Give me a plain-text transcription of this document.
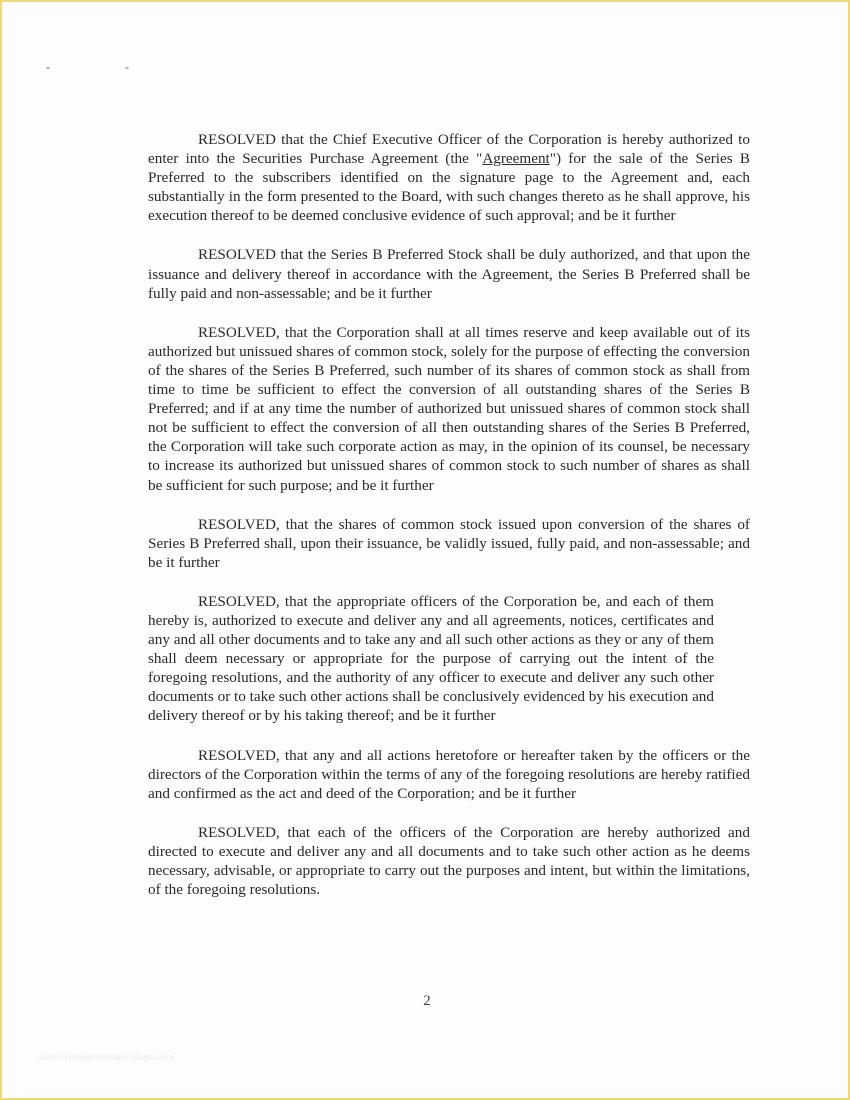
- -

RESOLVED that the Chief Executive Officer of the Corporation is hereby authorized to enter into the Securities Purchase Agreement (the "Agreement") for the sale of the Series B Preferred to the subscribers identified on the signature page to the Agreement and, each substantially in the form presented to the Board, with such changes thereto as he shall approve, his execution thereof to be deemed conclusive evidence of such approval; and be it further

RESOLVED that the Series B Preferred Stock shall be duly authorized, and that upon the issuance and delivery thereof in accordance with the Agreement, the Series B Preferred shall be fully paid and non-assessable; and be it further

RESOLVED, that the Corporation shall at all times reserve and keep available out of its authorized but unissued shares of common stock, solely for the purpose of effecting the conversion of the shares of the Series B Preferred, such number of its shares of common stock as shall from time to time be sufficient to effect the conversion of all outstanding shares of the Series B Preferred; and if at any time the number of authorized but unissued shares of common stock shall not be sufficient to effect the conversion of all then outstanding shares of the Series B Preferred, the Corporation will take such corporate action as may, in the opinion of its counsel, be necessary to increase its authorized but unissued shares of common stock to such number of shares as shall be sufficient for such purpose; and be it further

RESOLVED, that the shares of common stock issued upon conversion of the shares of Series B Preferred shall, upon their issuance, be validly issued, fully paid, and non-assessable; and be it further

RESOLVED, that the appropriate officers of the Corporation be, and each of them hereby is, authorized to execute and deliver any and all agreements, notices, certificates and any and all other documents and to take any and all such other actions as they or any of them shall deem necessary or appropriate for the purpose of carrying out the intent of the foregoing resolutions, and the authority of any officer to execute and deliver any such other documents or to take such other actions shall be conclusively evidenced by his execution and delivery thereof or by his taking thereof; and be it further

RESOLVED, that any and all actions heretofore or hereafter taken by the officers or the directors of the Corporation within the terms of any of the foregoing resolutions are hereby ratified and confirmed as the act and deed of the Corporation; and be it further

RESOLVED, that each of the officers of the Corporation are hereby authorized and directed to execute and deliver any and all documents and to take such other action as he deems necessary, advisable, or appropriate to carry out the purposes and intent, but within the limitations, of the foregoing resolutions.

2
www.heritagechristiancollege.com
